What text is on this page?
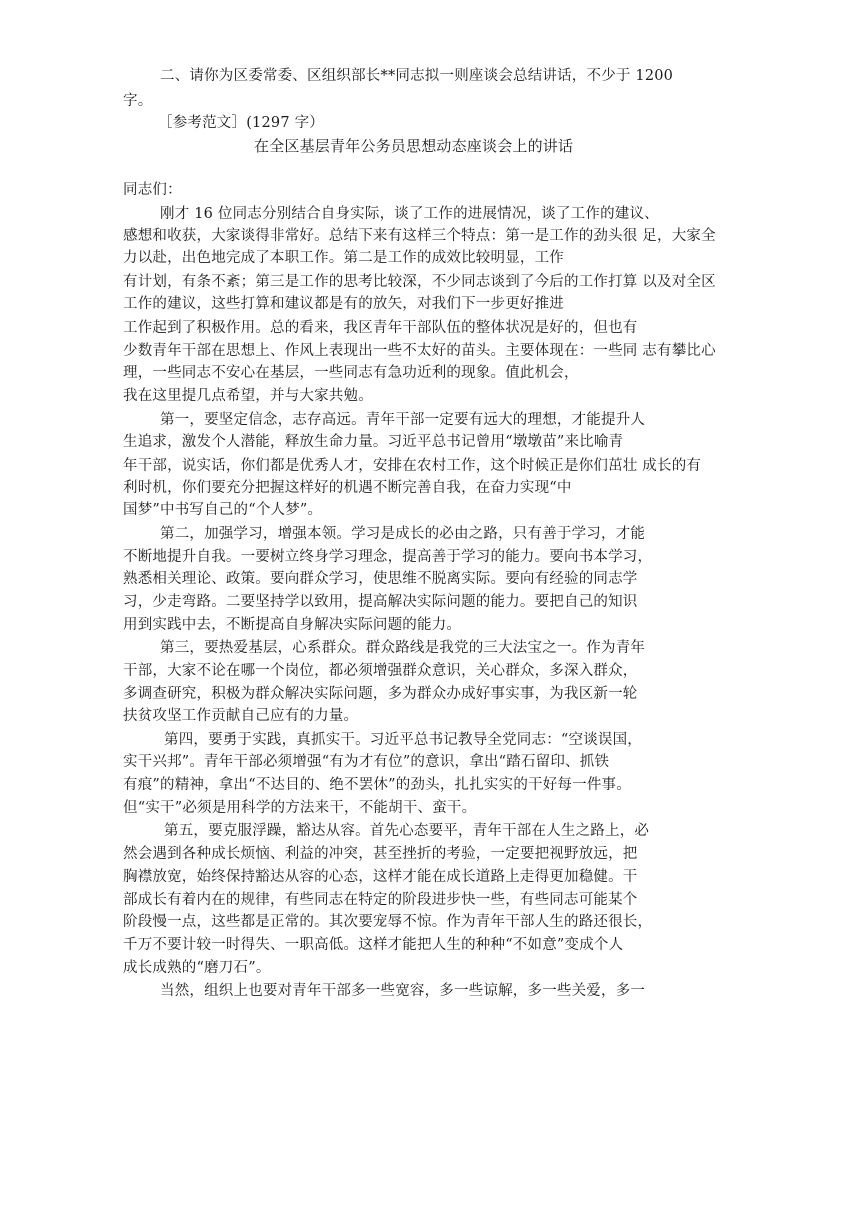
二、请你为区委常委、区组织部长**同志拟一则座谈会总结讲话，不少于 1200
字。
［参考范文］(1297 字）
在全区基层青年公务员思想动态座谈会上的讲话
同志们：
刚才 16 位同志分别结合自身实际，谈了工作的进展情况，谈了工作的建议、
感想和收获，大家谈得非常好。总结下来有这样三个特点：第一是工作的劲头很 足，大家全
力以赴，出色地完成了本职工作。第二是工作的成效比较明显，工作
有计划，有条不紊；第三是工作的思考比较深，不少同志谈到了今后的工作打算 以及对全区
工作的建议，这些打算和建议都是有的放矢，对我们下一步更好推进
工作起到了积极作用。总的看来，我区青年干部队伍的整体状况是好的，但也有
少数青年干部在思想上、作风上表现出一些不太好的苗头。主要体现在：一些同 志有攀比心
理，一些同志不安心在基层，一些同志有急功近利的现象。值此机会，
我在这里提几点希望，并与大家共勉。
第一，要坚定信念，志存高远。青年干部一定要有远大的理想，才能提升人
生追求，激发个人潜能，释放生命力量。习近平总书记曾用“墩墩苗”来比喻青
年干部，说实话，你们都是优秀人才，安排在农村工作，这个时候正是你们茁壮 成长的有
利时机，你们要充分把握这样好的机遇不断完善自我，在奋力实现“中
国梦”中书写自己的“个人梦”。
第二，加强学习，增强本领。学习是成长的必由之路，只有善于学习，才能
不断地提升自我。一要树立终身学习理念，提高善于学习的能力。要向书本学习，
熟悉相关理论、政策。要向群众学习，使思维不脱离实际。要向有经验的同志学
习，少走弯路。二要坚持学以致用，提高解决实际问题的能力。要把自己的知识
用到实践中去，不断提高自身解决实际问题的能力。
第三，要热爱基层，心系群众。群众路线是我党的三大法宝之一。作为青年
干部，大家不论在哪一个岗位，都必须增强群众意识，关心群众，多深入群众，
多调查研究，积极为群众解决实际问题，多为群众办成好事实事，为我区新一轮
扶贫攻坚工作贡献自己应有的力量。
第四，要勇于实践，真抓实干。习近平总书记教导全党同志：“空谈误国，
实干兴邦”。青年干部必须增强“有为才有位”的意识，拿出“踏石留印、抓铁
有痕”的精神，拿出“不达目的、绝不罢休”的劲头，扎扎实实的干好每一件事。
但“实干”必须是用科学的方法来干，不能胡干、蛮干。
第五，要克服浮躁，豁达从容。首先心态要平，青年干部在人生之路上，必
然会遇到各种成长烦恼、利益的冲突，甚至挫折的考验，一定要把视野放远，把
胸襟放宽，始终保持豁达从容的心态，这样才能在成长道路上走得更加稳健。干
部成长有着内在的规律，有些同志在特定的阶段进步快一些，有些同志可能某个
阶段慢一点，这些都是正常的。其次要宠辱不惊。作为青年干部人生的路还很长，
千万不要计较一时得失、一职高低。这样才能把人生的种种“不如意”变成个人
成长成熟的“磨刀石”。
当然，组织上也要对青年干部多一些宽容，多一些谅解，多一些关爱，多一
